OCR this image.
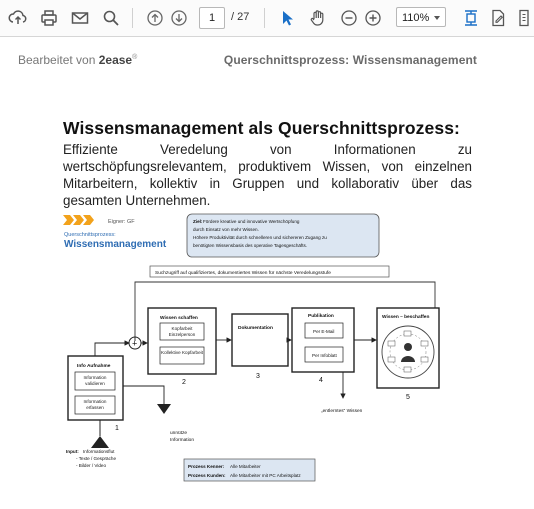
1	/ 27	110%
Bearbeitet von 2ease®	Querschnittsprozess: Wissensmanagement
Wissensmanagement als Querschnittsprozess:
Effiziente Veredelung von Informationen zu wertschöpfungsrelevantem, produktivem Wissen, von einzelnen Mitarbeitern, kollektiv in Gruppen und kollaborativ über das gesamten Unternehmen.
Eigner: GF
Querschnittsprozess:
Wissensmanagement
Ziel: Fördere kreative und innovative Wertschöpfung
durch Einsatz von mehr Wissen.
Höhere Produktivität durch schnelleren und sichereren Zugang zu
benötigten Wissensbasis des operative Tagesgeschäfts.
Suchzugriff auf qualifiziertes, dokumentiertes Wissen für nächste Veredelungsstufe
+
Info Aufnahme
Information validieren
Information erfassen
1
Wissen schaffen
Kopfarbeit Einzelperson
Kollektive Kopfarbeit
2
Dokumentation
3
Publikation
Per E-Mail
Per Infoblatt
4
Wissen – beschaffen
5
Input: Informationsflut
- Texte / Gespräche
- Bilder / Video
unnütze
Information
„entlerntes“ Wissen
Prozess Kenner: Alle Mitarbeiter
Prozess Kunden: Alle Mitarbeiter mit PC Arbeitsplatz
